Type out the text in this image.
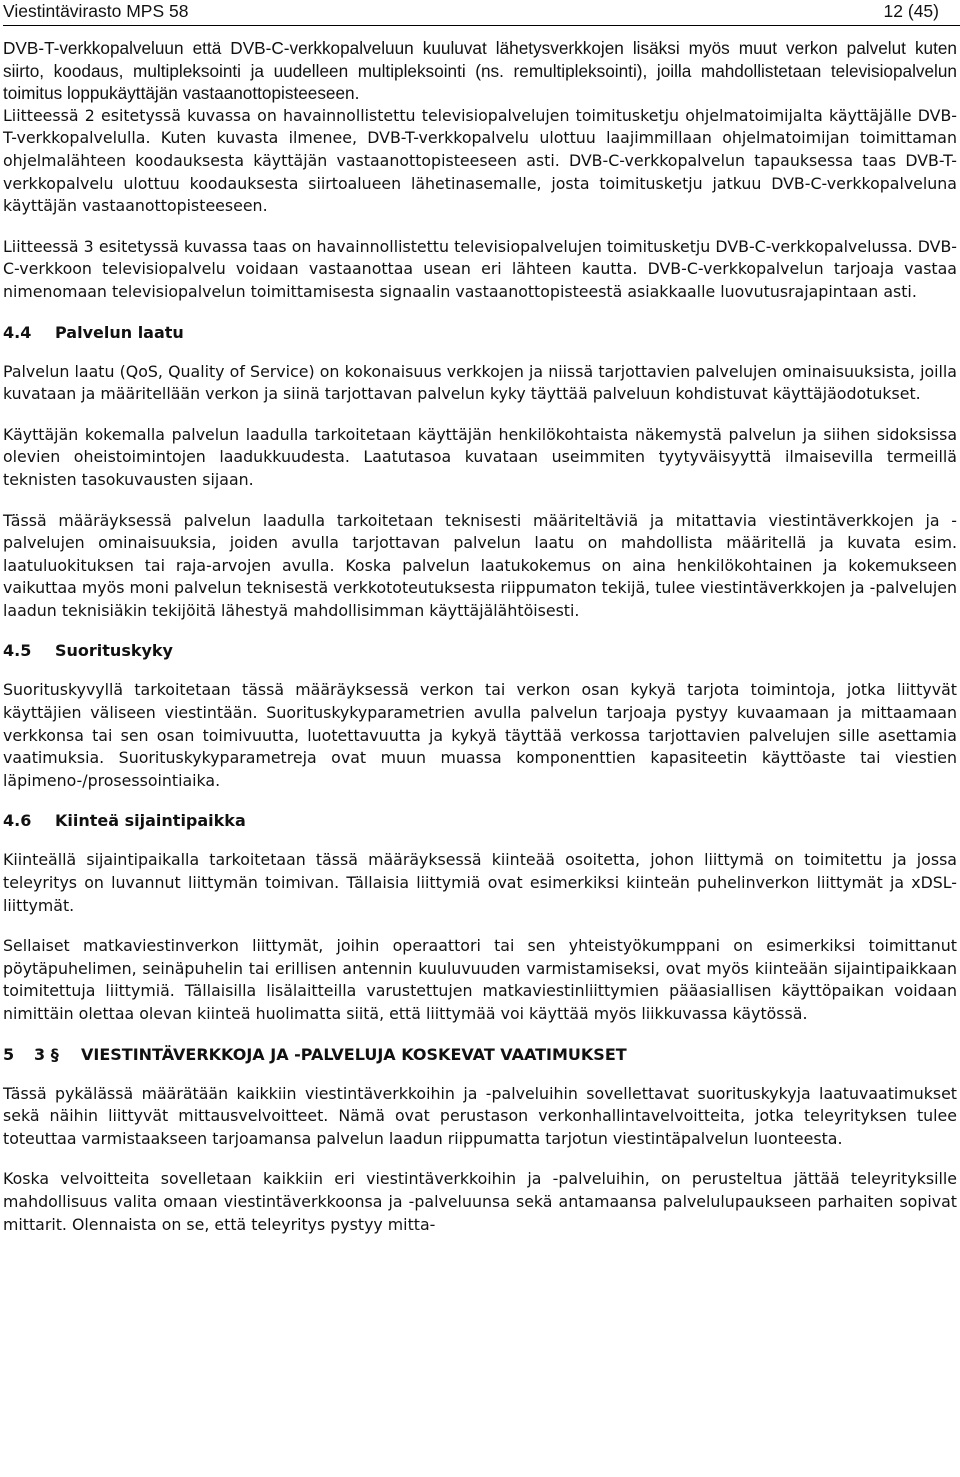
Viestintävirasto MPS 58	12 (45)

DVB-T-verkkopalveluun että DVB-C-verkkopalveluun kuuluvat lähetysverkkojen lisäksi myös muut verkon palvelut kuten siirto, koodaus, multipleksointi ja uudelleen multipleksointi (ns. remultipleksointi), joilla mahdollistetaan televisiopalvelun toimitus loppukäyttäjän vastaanottopisteeseen.

Liitteessä 2 esitetyssä kuvassa on havainnollistettu televisiopalvelujen toimitusketju ohjelmatoimijalta käyttäjälle DVB-T-verkkopalvelulla. Kuten kuvasta ilmenee, DVB-T-verkkopalvelu ulottuu laajimmillaan ohjelmatoimijan toimittaman ohjelmalähteen koodauksesta käyttäjän vastaanottopisteeseen asti. DVB-C-verkkopalvelun tapauksessa taas DVB-T-verkkopalvelu ulottuu koodauksesta siirtoalueen lähetinasemalle, josta toimitusketju jatkuu DVB-C-verkkopalveluna käyttäjän vastaanottopisteeseen.

Liitteessä 3 esitetyssä kuvassa taas on havainnollistettu televisiopalvelujen toimitusketju DVB-C-verkkopalvelussa. DVB-C-verkkoon televisiopalvelu voidaan vastaanottaa usean eri lähteen kautta. DVB-C-verkkopalvelun tarjoaja vastaa nimenomaan televisiopalvelun toimittamisesta signaalin vastaanottopisteestä asiakkaalle luovutusrajapintaan asti.

4.4	Palvelun laatu

Palvelun laatu (QoS, Quality of Service) on kokonaisuus verkkojen ja niissä tarjottavien palvelujen ominaisuuksista, joilla kuvataan ja määritellään verkon ja siinä tarjottavan palvelun kyky täyttää palveluun kohdistuvat käyttäjäodotukset.

Käyttäjän kokemalla palvelun laadulla tarkoitetaan käyttäjän henkilökohtaista näkemystä palvelun ja siihen sidoksissa olevien oheistoimintojen laadukkuudesta. Laatutasoa kuvataan useimmiten tyytyväisyyttä ilmaisevilla termeillä teknisten tasokuvausten sijaan.

Tässä määräyksessä palvelun laadulla tarkoitetaan teknisesti määriteltäviä ja mitattavia viestintäverkkojen ja -palvelujen ominaisuuksia, joiden avulla tarjottavan palvelun laatu on mahdollista määritellä ja kuvata esim. laatuluokituksen tai raja-arvojen avulla. Koska palvelun laatukokemus on aina henkilökohtainen ja kokemukseen vaikuttaa myös moni palvelun teknisestä verkkototeutuksesta riippumaton tekijä, tulee viestintäverkkojen ja -palvelujen laadun teknisiäkin tekijöitä lähestyä mahdollisimman käyttäjälähtöisesti.

4.5	Suorituskyky

Suorituskyvyllä tarkoitetaan tässä määräyksessä verkon tai verkon osan kykyä tarjota toimintoja, jotka liittyvät käyttäjien väliseen viestintään. Suorituskykyparametrien avulla palvelun tarjoaja pystyy kuvaamaan ja mittaamaan verkkonsa tai sen osan toimivuutta, luotettavuutta ja kykyä täyttää verkossa tarjottavien palvelujen sille asettamia vaatimuksia. Suorituskykyparametreja ovat muun muassa komponenttien kapasiteetin käyttöaste tai viestien läpimeno-/prosessointiaika.

4.6	Kiinteä sijaintipaikka

Kiinteällä sijaintipaikalla tarkoitetaan tässä määräyksessä kiinteää osoitetta, johon liittymä on toimitettu ja jossa teleyritys on luvannut liittymän toimivan. Tällaisia liittymiä ovat esimerkiksi kiinteän puhelinverkon liittymät ja xDSL-liittymät.

Sellaiset matkaviestinverkon liittymät, joihin operaattori tai sen yhteistyökumppani on esimerkiksi toimittanut pöytäpuhelimen, seinäpuhelin tai erillisen antennin kuuluvuuden varmistamiseksi, ovat myös kiinteään sijaintipaikkaan toimitettuja liittymiä. Tällaisilla lisälaitteilla varustettujen matkaviestinliittymien pääasiallisen käyttöpaikan voidaan nimittäin olettaa olevan kiinteä huolimatta siitä, että liittymää voi käyttää myös liikkuvassa käytössä.

5	3 §	VIESTINTÄVERKKOJA JA -PALVELUJA KOSKEVAT VAATIMUKSET

Tässä pykälässä määrätään kaikkiin viestintäverkkoihin ja -palveluihin sovellettavat suorituskykyja laatuvaatimukset sekä näihin liittyvät mittausvelvoitteet. Nämä ovat perustason verkonhallintavelvoitteita, jotka teleyrityksen tulee toteuttaa varmistaakseen tarjoamansa palvelun laadun riippumatta tarjotun viestintäpalvelun luonteesta.

Koska velvoitteita sovelletaan kaikkiin eri viestintäverkkoihin ja -palveluihin, on perusteltua jättää teleyrityksille mahdollisuus valita omaan viestintäverkkoonsa ja -palveluunsa sekä antamaansa palvelulupaukseen parhaiten sopivat mittarit. Olennaista on se, että teleyritys pystyy mitta-
